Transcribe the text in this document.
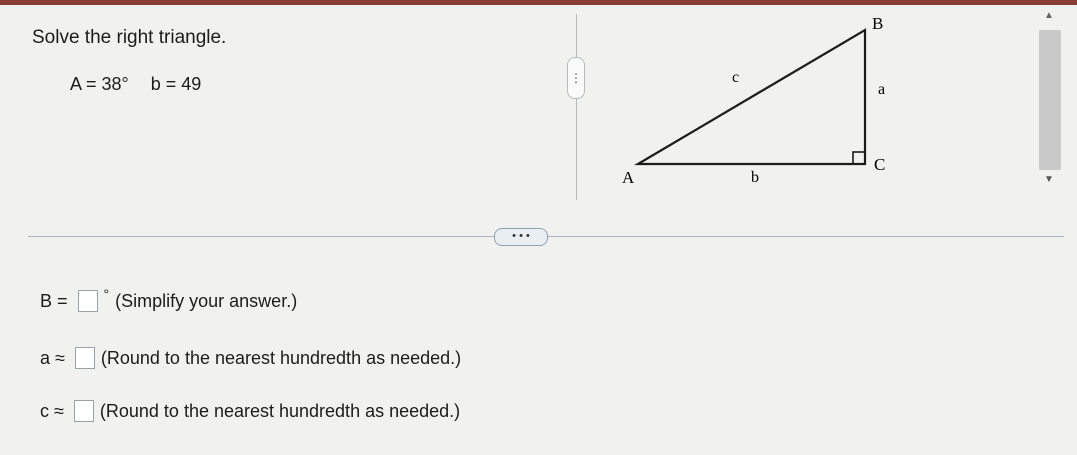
Solve the right triangle.
A = 38° b = 49	⋮
A
B
C
a
b
c
▲
▼
• • •
B =	° (Simplify your answer.)
a ≈ (Round to the nearest hundredth as needed.)
c ≈ (Round to the nearest hundredth as needed.)
